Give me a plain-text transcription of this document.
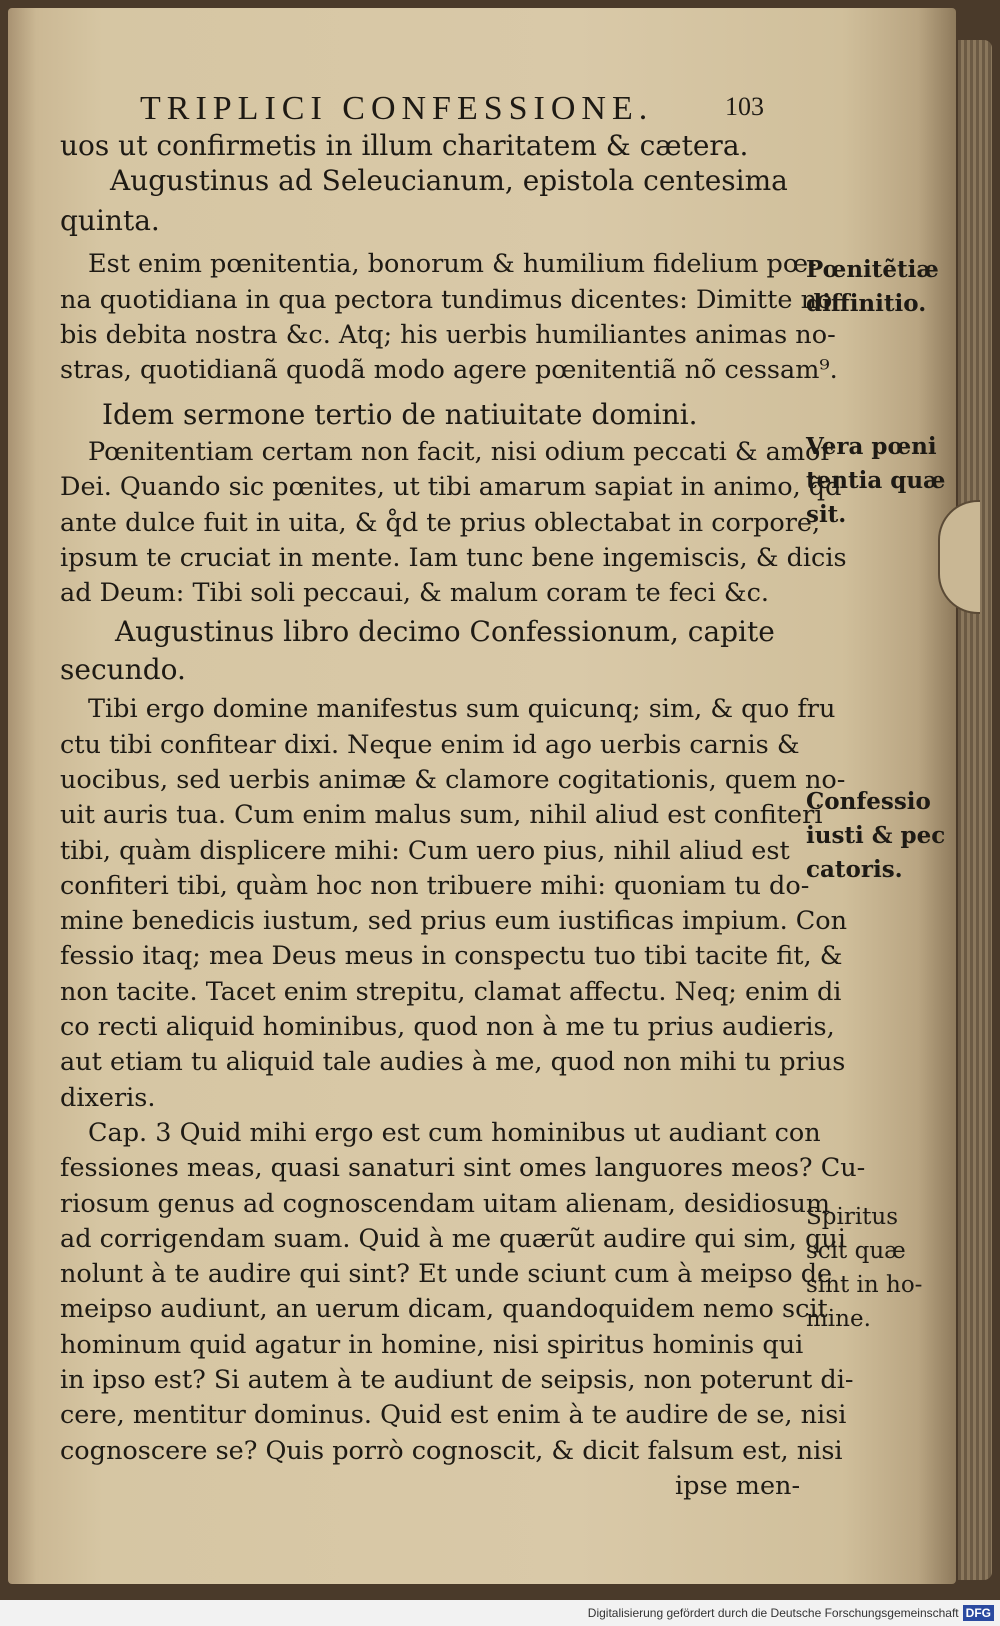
TRIPLICI CONFESSIONE.	103
uos ut confirmetis in illum charitatem & cætera.
Augustinus ad Seleucianum, epistola centesima
quinta.
Est enim pœnitentia, bonorum & humilium fidelium pœ-
na quotidiana in qua pectora tundimus dicentes: Dimitte no
bis debita nostra &c. Atq; his uerbis humiliantes animas no-
stras, quotidianã quodã modo agere pœnitentiã nõ cessam⁹.
Idem sermone tertio de natiuitate domini.
Pœnitentiam certam non facit, nisi odium peccati & amor
Dei. Quando sic pœnites, ut tibi amarum sapiat in animo, q̃d
ante dulce fuit in uita, & q̊d te prius oblectabat in corpore,
ipsum te cruciat in mente. Iam tunc bene ingemiscis, & dicis
ad Deum: Tibi soli peccaui, & malum coram te feci &c.
Augustinus libro decimo Confessionum, capite
secundo.
Tibi ergo domine manifestus sum quicunq; sim, & quo fru
ctu tibi confitear dixi. Neque enim id ago uerbis carnis &
uocibus, sed uerbis animæ & clamore cogitationis, quem no-
uit auris tua. Cum enim malus sum, nihil aliud est confiteri
tibi, quàm displicere mihi: Cum uero pius, nihil aliud est
confiteri tibi, quàm hoc non tribuere mihi: quoniam tu do-
mine benedicis iustum, sed prius eum iustificas impium. Con
fessio itaq; mea Deus meus in conspectu tuo tibi tacite fit, &
non tacite. Tacet enim strepitu, clamat affectu. Neq; enim di
co recti aliquid hominibus, quod non à me tu prius audieris,
aut etiam tu aliquid tale audies à me, quod non mihi tu prius
dixeris.
Cap. 3 Quid mihi ergo est cum hominibus ut audiant con
fessiones meas, quasi sanaturi sint omes languores meos? Cu-
riosum genus ad cognoscendam uitam alienam, desidiosum
ad corrigendam suam. Quid à me quærũt audire qui sim, qui
nolunt à te audire qui sint? Et unde sciunt cum à meipso de
meipso audiunt, an uerum dicam, quandoquidem nemo scit
hominum quid agatur in homine, nisi spiritus hominis qui
in ipso est? Si autem à te audiunt de seipsis, non poterunt di-
cere, mentitur dominus. Quid est enim à te audire de se, nisi
cognoscere se? Quis porrò cognoscit, & dicit falsum est, nisi
ipse men-
Pœnitẽtiæ
diffinitio.
Vera pœni
tentia quæ
sit.
Confessio
iusti & pec
catoris.
Spiritus
scit quæ
sint in ho-
mine.
Digitalisierung gefördert durch die Deutsche Forschungsgemeinschaft DFG
